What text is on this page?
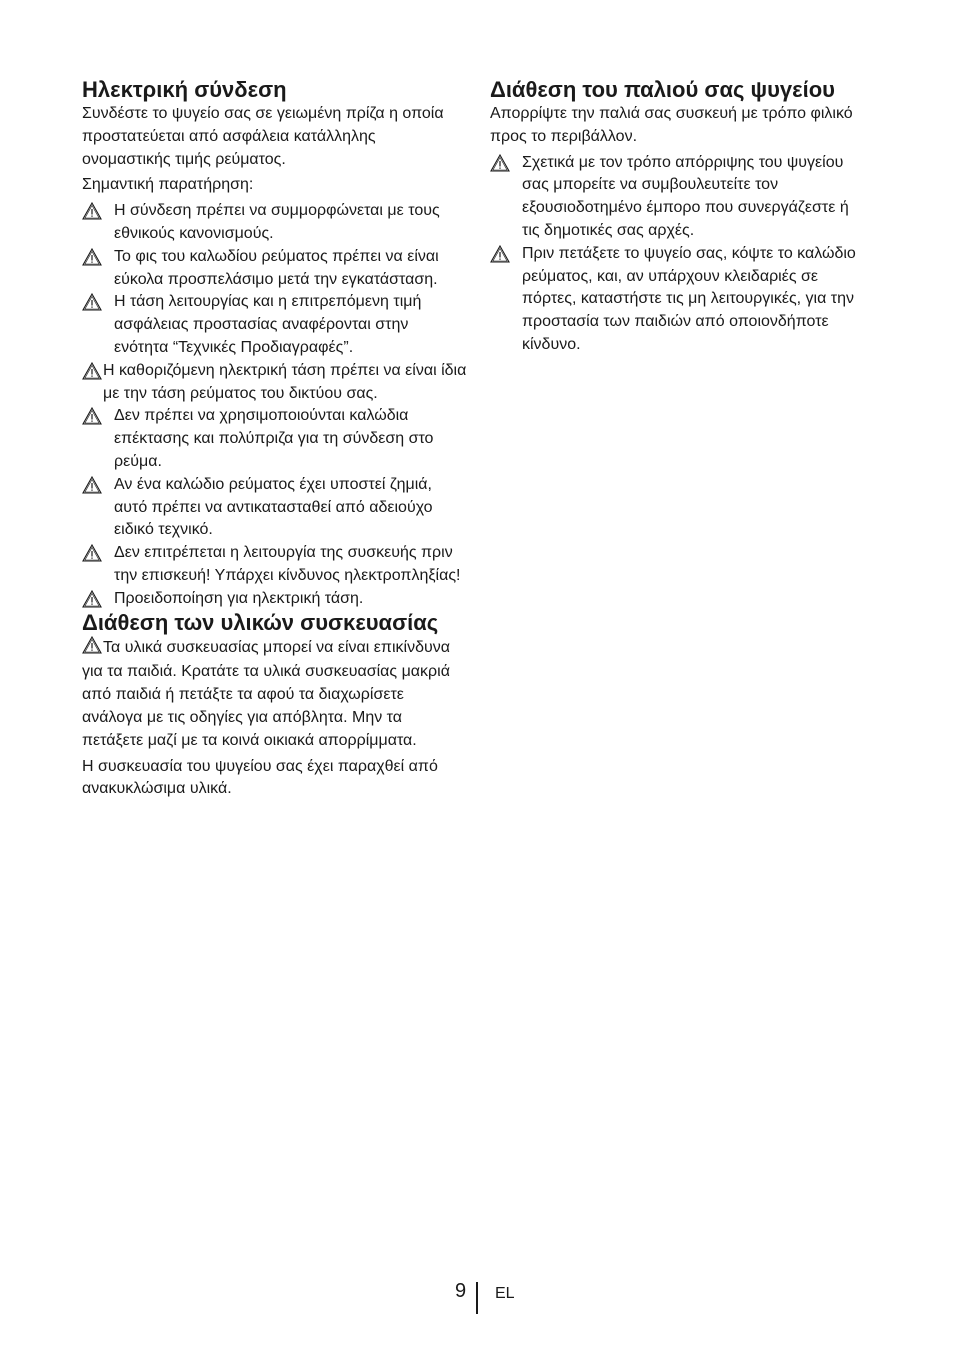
Ηλεκτρική σύνδεση

Συνδέστε το ψυγείο σας σε γειωμένη πρίζα η οποία προστατεύεται από ασφάλεια κατάλληλης ονομαστικής τιμής ρεύματος.

Σημαντική παρατήρηση:

Η σύνδεση πρέπει να συμμορφώνεται με τους εθνικούς κανονισμούς.
Το φις του καλωδίου ρεύματος πρέπει να είναι εύκολα προσπελάσιμο μετά την εγκατάσταση.
Η τάση λειτουργίας και η επιτρεπόμενη τιμή ασφάλειας προστασίας αναφέρονται στην ενότητα “Τεχνικές Προδιαγραφές”.
Η καθοριζόμενη ηλεκτρική τάση πρέπει να είναι ίδια με την τάση ρεύματος του δικτύου σας.
Δεν πρέπει να χρησιμοποιούνται καλώδια επέκτασης και πολύπριζα για τη σύνδεση στο ρεύμα.
Αν ένα καλώδιο ρεύματος έχει υποστεί ζημιά, αυτό πρέπει να αντικατασταθεί από αδειούχο ειδικό τεχνικό.
Δεν επιτρέπεται η λειτουργία της συσκευής πριν την επισκευή! Υπάρχει κίνδυνος ηλεκτροπληξίας!
Προειδοποίηση για ηλεκτρική τάση.
Διάθεση των υλικών συσκευασίας

Τα υλικά συσκευασίας μπορεί να είναι επικίνδυνα για τα παιδιά. Κρατάτε τα υλικά συσκευασίας μακριά από παιδιά ή πετάξτε τα αφού τα διαχωρίσετε ανάλογα με τις οδηγίες για απόβλητα. Μην τα πετάξετε μαζί με τα κοινά οικιακά απορρίμματα.

Η συσκευασία του ψυγείου σας έχει παραχθεί από ανακυκλώσιμα υλικά.

Διάθεση του παλιού σας ψυγείου

Απορρίψτε την παλιά σας συσκευή με τρόπο φιλικό προς το περιβάλλον.

Σχετικά με τον τρόπο απόρριψης του ψυγείου σας μπορείτε να συμβουλευτείτε τον εξουσιοδοτημένο έμπορο που συνεργάζεστε ή τις δημοτικές σας αρχές.
Πριν πετάξετε το ψυγείο σας, κόψτε το καλώδιο ρεύματος, και, αν υπάρχουν κλειδαριές σε πόρτες, καταστήστε τις μη λειτουργικές, για την προστασία των παιδιών από οποιονδήποτε κίνδυνο.
9 EL
